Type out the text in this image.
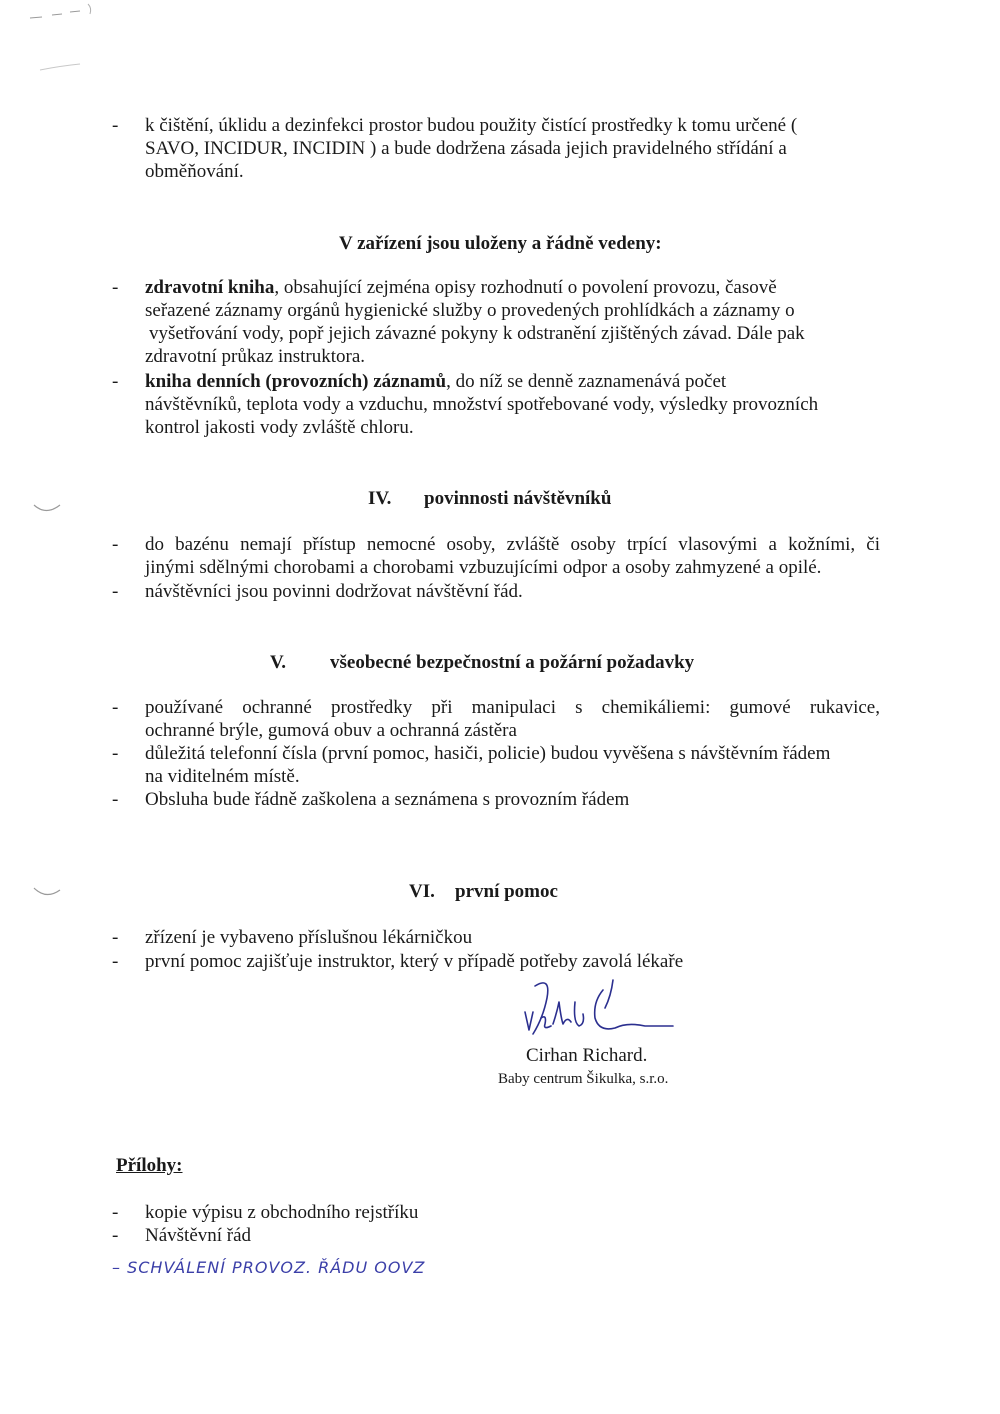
- k čištění, úklidu a dezinfekci prostor budou použity čistící prostředky k tomu určené (
SAVO, INCIDUR, INCIDIN ) a bude dodržena zásada jejich pravidelného střídání a
obměňování.
V zařízení jsou uloženy a řádně vedeny:
- zdravotní kniha, obsahující zejména opisy rozhodnutí o povolení provozu, časově
seřazené záznamy orgánů hygienické služby o provedených prohlídkách a záznamy o
vyšetřování vody, popř jejich závazné pokyny k odstranění zjištěných závad. Dále pak
zdravotní průkaz instruktora.
- kniha denních (provozních) záznamů, do níž se denně zaznamenává počet
návštěvníků, teplota vody a vzduchu, množství spotřebované vody, výsledky provozních
kontrol jakosti vody zvláště chloru.
IV. povinnosti návštěvníků
- do bazénu nemají přístup nemocné osoby, zvláště osoby trpící vlasovými a kožními, či
jinými sdělnými chorobami a chorobami vzbuzujícími odpor a osoby zahmyzené a opilé.
- návštěvníci jsou povinni dodržovat návštěvní řád.
V. všeobecné bezpečnostní a požární požadavky
- používané ochranné prostředky při manipulaci s chemikáliemi: gumové rukavice,
ochranné brýle, gumová obuv a ochranná zástěra
- důležitá telefonní čísla (první pomoc, hasiči, policie) budou vyvěšena s návštěvním řádem
na viditelném místě.
- Obsluha bude řádně zaškolena a seznámena s provozním řádem
VI. první pomoc
- zřízení je vybaveno příslušnou lékárničkou
- první pomoc zajišťuje instruktor, který v případě potřeby zavolá lékaře
Cirhan Richard.
Baby centrum Šikulka, s.r.o.
Přílohy:
- kopie výpisu z obchodního rejstříku
- Návštěvní řád
– SCHVÁLENÍ PROVOZ. ŘÁDU OOVZ
